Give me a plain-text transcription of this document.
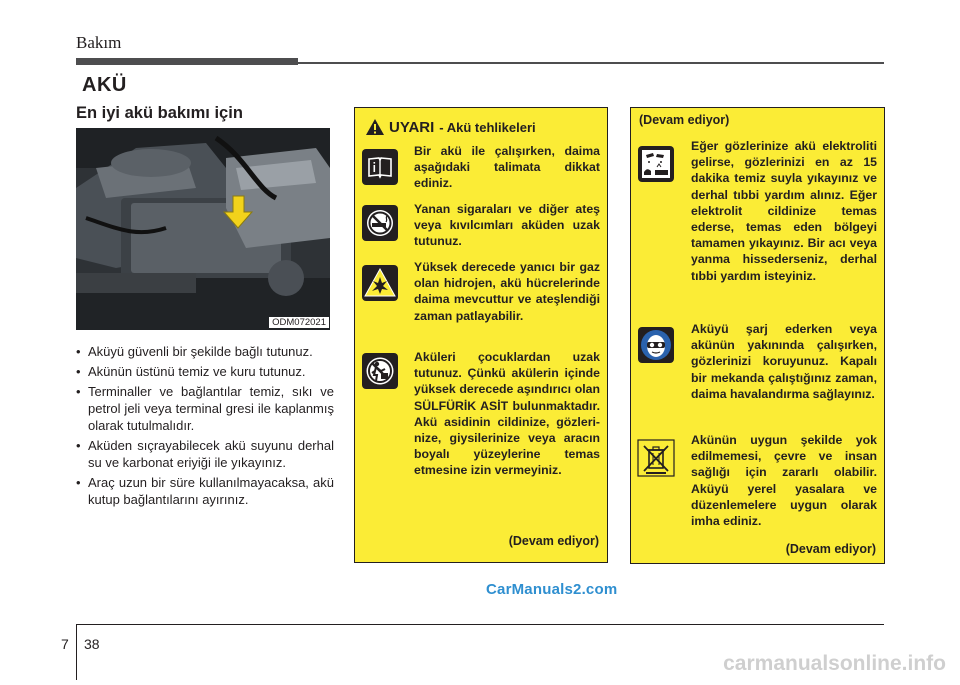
Bakım
AKÜ
En iyi akü bakımı için
ODM072021
• Aküyü güvenli bir şekilde bağlı tutunuz.
• Akünün üstünü temiz ve kuru tutunuz.
• Terminaller ve bağlantılar temiz, sıkı ve petrol jeli veya terminal gresi ile kaplanmış olarak tutulmalıdır.
• Aküden sıçrayabilecek akü suyunu derhal su ve karbonat eriyiği ile yıkayınız.
• Araç uzun bir süre kullanılmayacaksa, akü kutup bağlantılarını ayırınız.
UYARI - Akü tehlikeleri
Bir akü ile çalışırken, daima aşağıdaki talimata dikkat ediniz.
Yanan sigaraları ve diğer ateş veya kıvılcımları aküden uzak tutunuz.
Yüksek derecede yanıcı bir gaz olan hidrojen, akü hücrelerinde daima mevcuttur ve ateşlendiği zaman patlayabilir.
Aküleri çocuklardan uzak tutunuz. Çünkü akülerin içinde yüksek derecede aşındırıcı olan SÜLFÜRİK ASİT bulunmaktadır. Akü asidinin cildinize, gözleri-nize, giysilerinize veya aracın boyalı yüzeylerine temas etmesine izin vermeyiniz.
(Devam ediyor)
(Devam ediyor)
Eğer gözlerinize akü elektroliti gelirse, gözlerinizi en az 15 dakika temiz suyla yıkayınız ve derhal tıbbi yardım alınız. Eğer elektrolit cildinize temas ederse, temas eden bölgeyi tamamen yıkayınız. Bir acı veya yanma hissederseniz, derhal tıbbi yardım isteyiniz.
Aküyü şarj ederken veya akünün yakınında çalışırken, gözlerinizi koruyunuz. Kapalı bir mekanda çalıştığınız zaman, daima havalandırma sağlayınız.
Akünün uygun şekilde yok edilmemesi, çevre ve insan sağlığı için zararlı olabilir. Aküyü yerel yasalara ve düzenlemelere uygun olarak imha ediniz.
(Devam ediyor)
CarManuals2.com
7 38
carmanualsonline.info
